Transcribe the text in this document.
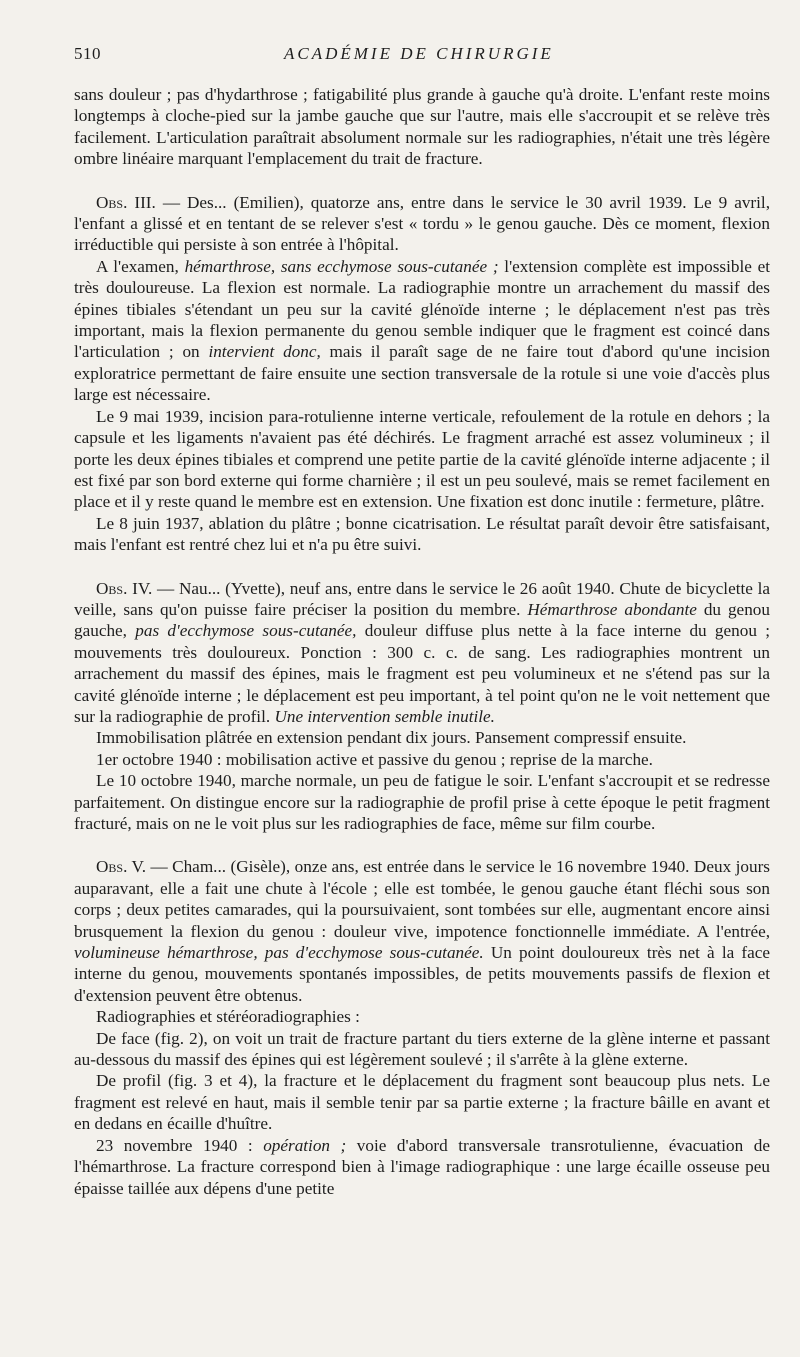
510	ACADÉMIE DE CHIRURGIE

sans douleur ; pas d'hydarthrose ; fatigabilité plus grande à gauche qu'à droite. L'enfant reste moins longtemps à cloche-pied sur la jambe gauche que sur l'autre, mais elle s'accroupit et se relève très facilement. L'articulation paraîtrait absolument normale sur les radiographies, n'était une très légère ombre linéaire marquant l'emplacement du trait de fracture.

Obs. III. — Des... (Emilien), quatorze ans, entre dans le service le 30 avril 1939. Le 9 avril, l'enfant a glissé et en tentant de se relever s'est « tordu » le genou gauche. Dès ce moment, flexion irréductible qui persiste à son entrée à l'hôpital.

A l'examen, hémarthrose, sans ecchymose sous-cutanée ; l'extension complète est impossible et très douloureuse. La flexion est normale. La radiographie montre un arrachement du massif des épines tibiales s'étendant un peu sur la cavité glénoïde interne ; le déplacement n'est pas très important, mais la flexion permanente du genou semble indiquer que le fragment est coincé dans l'articulation ; on intervient donc, mais il paraît sage de ne faire tout d'abord qu'une incision exploratrice permettant de faire ensuite une section transversale de la rotule si une voie d'accès plus large est nécessaire.

Le 9 mai 1939, incision para-rotulienne interne verticale, refoulement de la rotule en dehors ; la capsule et les ligaments n'avaient pas été déchirés. Le fragment arraché est assez volumineux ; il porte les deux épines tibiales et comprend une petite partie de la cavité glénoïde interne adjacente ; il est fixé par son bord externe qui forme charnière ; il est un peu soulevé, mais se remet facilement en place et il y reste quand le membre est en extension. Une fixation est donc inutile : fermeture, plâtre.

Le 8 juin 1937, ablation du plâtre ; bonne cicatrisation. Le résultat paraît devoir être satisfaisant, mais l'enfant est rentré chez lui et n'a pu être suivi.

Obs. IV. — Nau... (Yvette), neuf ans, entre dans le service le 26 août 1940. Chute de bicyclette la veille, sans qu'on puisse faire préciser la position du membre. Hémarthrose abondante du genou gauche, pas d'ecchymose sous-cutanée, douleur diffuse plus nette à la face interne du genou ; mouvements très douloureux. Ponction : 300 c. c. de sang. Les radiographies montrent un arrachement du massif des épines, mais le fragment est peu volumineux et ne s'étend pas sur la cavité glénoïde interne ; le déplacement est peu important, à tel point qu'on ne le voit nettement que sur la radiographie de profil. Une intervention semble inutile.

Immobilisation plâtrée en extension pendant dix jours. Pansement compressif ensuite.

1er octobre 1940 : mobilisation active et passive du genou ; reprise de la marche.

Le 10 octobre 1940, marche normale, un peu de fatigue le soir. L'enfant s'accroupit et se redresse parfaitement. On distingue encore sur la radiographie de profil prise à cette époque le petit fragment fracturé, mais on ne le voit plus sur les radiographies de face, même sur film courbe.

Obs. V. — Cham... (Gisèle), onze ans, est entrée dans le service le 16 novembre 1940. Deux jours auparavant, elle a fait une chute à l'école ; elle est tombée, le genou gauche étant fléchi sous son corps ; deux petites camarades, qui la poursuivaient, sont tombées sur elle, augmentant encore ainsi brusquement la flexion du genou : douleur vive, impotence fonctionnelle immédiate. A l'entrée, volumineuse hémarthrose, pas d'ecchymose sous-cutanée. Un point douloureux très net à la face interne du genou, mouvements spontanés impossibles, de petits mouvements passifs de flexion et d'extension peuvent être obtenus.

Radiographies et stéréoradiographies :

De face (fig. 2), on voit un trait de fracture partant du tiers externe de la glène interne et passant au-dessous du massif des épines qui est légèrement soulevé ; il s'arrête à la glène externe.

De profil (fig. 3 et 4), la fracture et le déplacement du fragment sont beaucoup plus nets. Le fragment est relevé en haut, mais il semble tenir par sa partie externe ; la fracture bâille en avant et en dedans en écaille d'huître.

23 novembre 1940 : opération ; voie d'abord transversale transrotulienne, évacuation de l'hémarthrose. La fracture correspond bien à l'image radiographique : une large écaille osseuse peu épaisse taillée aux dépens d'une petite
